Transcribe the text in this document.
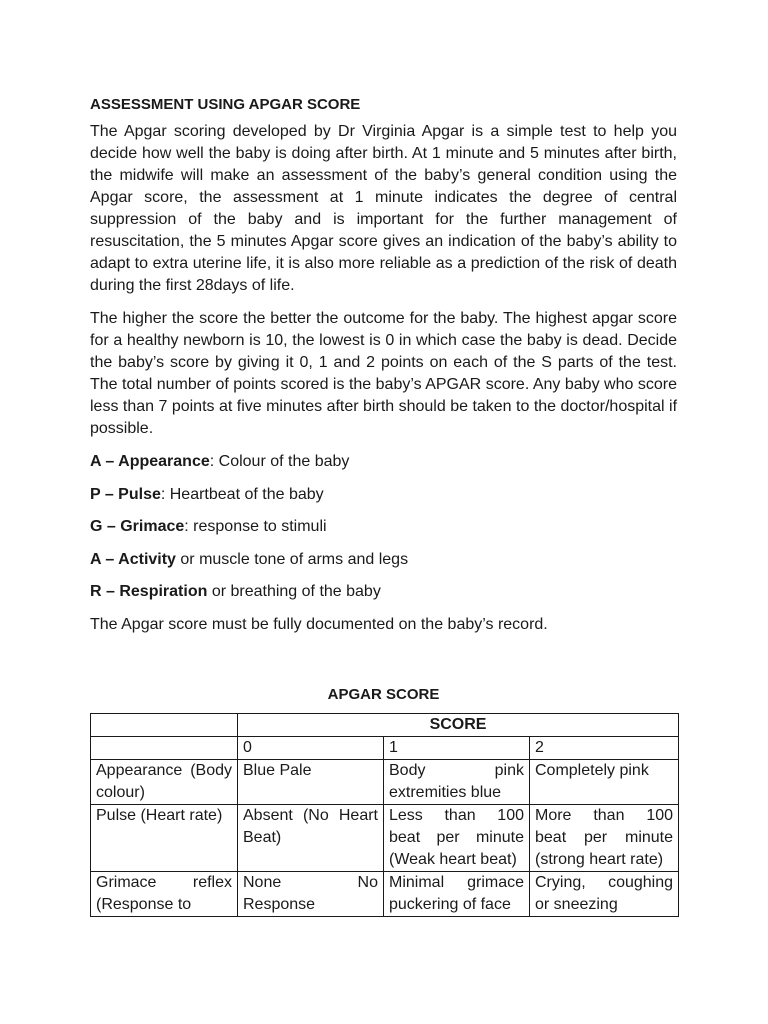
ASSESSMENT USING APGAR SCORE

The Apgar scoring developed by Dr Virginia Apgar is a simple test to help you decide how well the baby is doing after birth. At 1 minute and 5 minutes after birth, the midwife will make an assessment of the baby’s general condition using the Apgar score, the assessment at 1 minute indicates the degree of central suppression of the baby and is important for the further management of resuscitation, the 5 minutes Apgar score gives an indication of the baby’s ability to adapt to extra uterine life, it is also more reliable as a prediction of the risk of death during the first 28days of life.

The higher the score the better the outcome for the baby. The highest apgar score for a healthy newborn is 10, the lowest is 0 in which case the baby is dead. Decide the baby’s score by giving it 0, 1 and 2 points on each of the S parts of the test. The total number of points scored is the baby’s APGAR score. Any baby who score less than 7 points at five minutes after birth should be taken to the doctor/hospital if possible.

A – Appearance: Colour of the baby

P – Pulse: Heartbeat of the baby

G – Grimace: response to stimuli

A – Activity or muscle tone of arms and legs

R – Respiration or breathing of the baby

The Apgar score must be fully documented on the baby’s record.

APGAR SCORE

	SCORE		
	0	1	2
Appearance (Body colour)	Blue Pale	Body pink extremities blue	Completely pink
Pulse (Heart rate)	Absent (No Heart Beat)	Less than 100 beat per minute (Weak heart beat)	More than 100 beat per minute (strong heart rate)
Grimace reflex (Response to	None No Response	Minimal grimace puckering of face	Crying, coughing or sneezing
